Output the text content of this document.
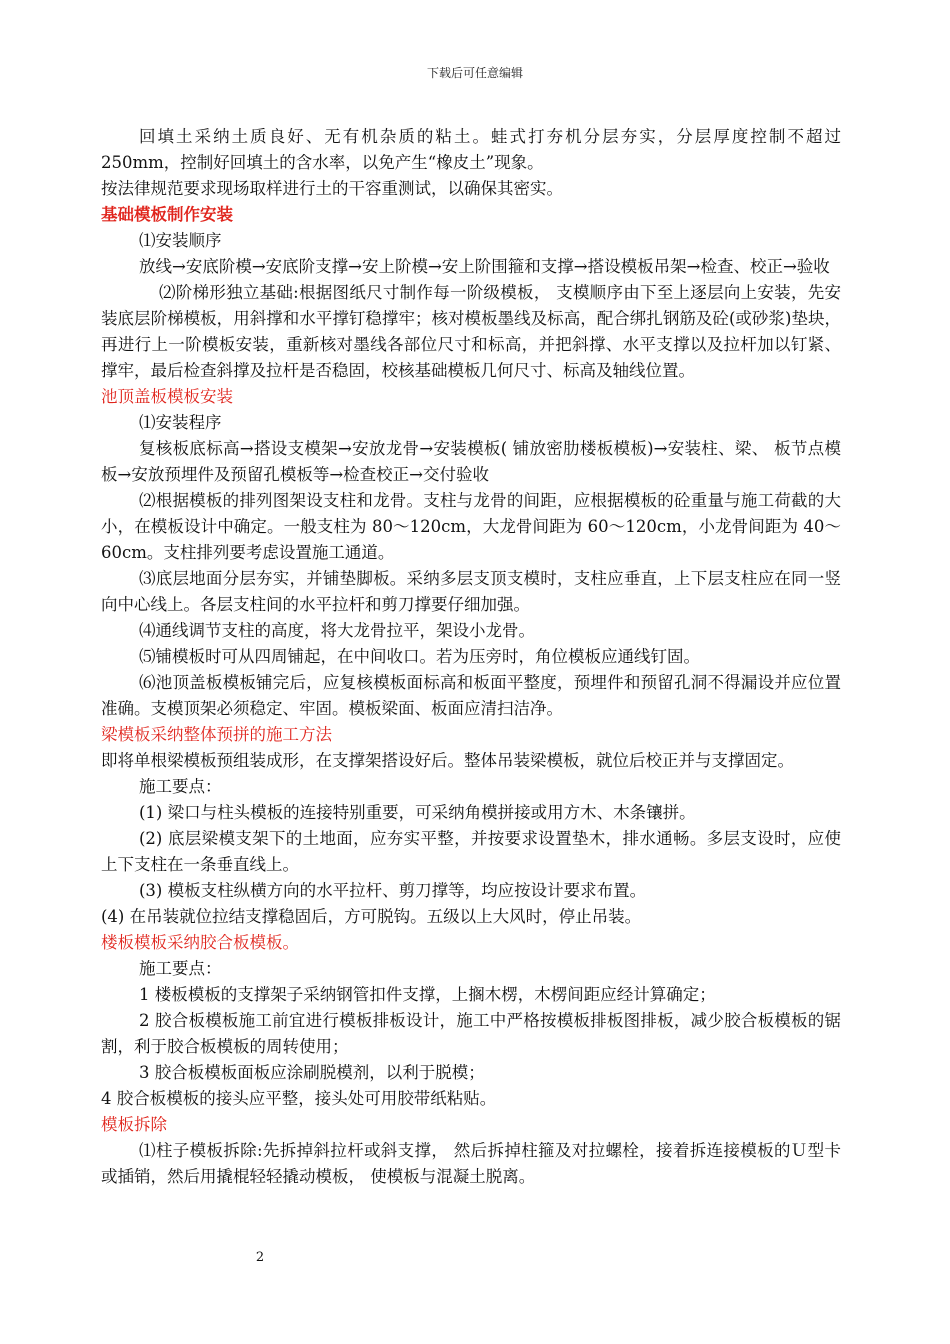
下载后可任意编辑

回填土采纳土质良好、无有机杂质的粘土。蛙式打夯机分层夯实，分层厚度控制不超过 250mm，控制好回填土的含水率，以免产生“橡皮土”现象。

按法律规范要求现场取样进行土的干容重测试，以确保其密实。

基础模板制作安装

⑴安装顺序

放线→安底阶模→安底阶支撑→安上阶模→安上阶围箍和支撑→搭设模板吊架→检查、校正→验收

⑵阶梯形独立基础:根据图纸尺寸制作每一阶级模板， 支模顺序由下至上逐层向上安装，先安装底层阶梯模板，用斜撑和水平撑钉稳撑牢；核对模板墨线及标高，配合绑扎钢筋及砼(或砂浆)垫块，再进行上一阶模板安装，重新核对墨线各部位尺寸和标高，并把斜撑、水平支撑以及拉杆加以钉紧、撑牢，最后检查斜撑及拉杆是否稳固，校核基础模板几何尺寸、标高及轴线位置。

池顶盖板模板安装

⑴安装程序

复核板底标高→搭设支模架→安放龙骨→安装模板( 铺放密肋楼板模板)→安装柱、梁、 板节点模板→安放预埋件及预留孔模板等→检查校正→交付验收

⑵根据模板的排列图架设支柱和龙骨。支柱与龙骨的间距，应根据模板的砼重量与施工荷截的大小，在模板设计中确定。一般支柱为 80～120cm，大龙骨间距为 60～120cm，小龙骨间距为 40～60cm。支柱排列要考虑设置施工通道。

⑶底层地面分层夯实，并铺垫脚板。采纳多层支顶支模时，支柱应垂直，上下层支柱应在同一竖向中心线上。各层支柱间的水平拉杆和剪刀撑要仔细加强。

⑷通线调节支柱的高度，将大龙骨拉平，架设小龙骨。

⑸铺模板时可从四周铺起，在中间收口。若为压旁时，角位模板应通线钉固。

⑹池顶盖板模板铺完后，应复核模板面标高和板面平整度，预埋件和预留孔洞不得漏设并应位置准确。支模顶架必须稳定、牢固。模板梁面、板面应清扫洁净。

梁模板采纳整体预拼的施工方法

即将单根梁模板预组装成形，在支撑架搭设好后。整体吊装梁模板，就位后校正并与支撑固定。

施工要点：

(1) 梁口与柱头模板的连接特别重要，可采纳角模拼接或用方木、木条镶拼。

(2) 底层梁模支架下的土地面，应夯实平整，并按要求设置垫木，排水通畅。多层支设时，应使上下支柱在一条垂直线上。

(3) 模板支柱纵横方向的水平拉杆、剪刀撑等，均应按设计要求布置。

(4) 在吊装就位拉结支撑稳固后，方可脱钩。五级以上大风时，停止吊装。

楼板模板采纳胶合板模板。

施工要点：

1 楼板模板的支撑架子采纳钢管扣件支撑，上搁木楞，木楞间距应经计算确定；

2 胶合板模板施工前宜进行模板排板设计，施工中严格按模板排板图排板，减少胶合板模板的锯割，利于胶合板模板的周转使用；

3 胶合板模板面板应涂刷脱模剂，以利于脱模；

4 胶合板模板的接头应平整，接头处可用胶带纸粘贴。

模板拆除

⑴柱子模板拆除:先拆掉斜拉杆或斜支撑， 然后拆掉柱箍及对拉螺栓，接着拆连接模板的Ｕ型卡或插销，然后用撬棍轻轻撬动模板， 使模板与混凝土脱离。

2
